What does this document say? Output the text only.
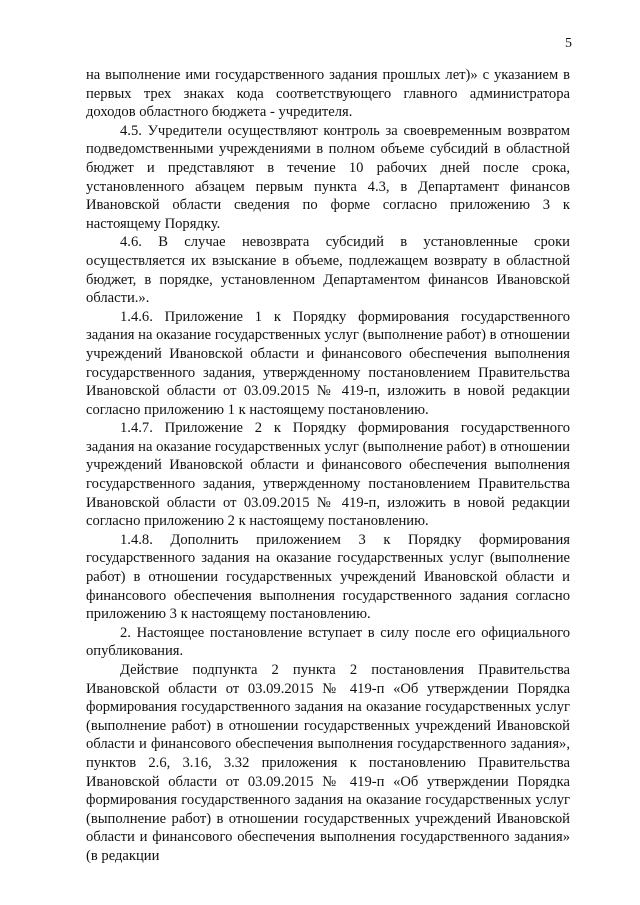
5

на выполнение ими государственного задания прошлых лет)» с указанием в первых трех знаках кода соответствующего главного администратора доходов областного бюджета - учредителя.

4.5. Учредители осуществляют контроль за своевременным возвратом подведомственными учреждениями в полном объеме субсидий в областной бюджет и представляют в течение 10 рабочих дней после срока, установленного абзацем первым пункта 4.3, в Департамент финансов Ивановской области сведения по форме согласно приложению 3 к настоящему Порядку.

4.6. В случае невозврата субсидий в установленные сроки осуществляется их взыскание в объеме, подлежащем возврату в областной бюджет, в порядке, установленном Департаментом финансов Ивановской области.».

1.4.6. Приложение 1 к Порядку формирования государственного задания на оказание государственных услуг (выполнение работ) в отношении учреждений Ивановской области и финансового обеспечения выполнения государственного задания, утвержденному постановлением Правительства Ивановской области от 03.09.2015 № 419-п, изложить в новой редакции согласно приложению 1 к настоящему постановлению.

1.4.7. Приложение 2 к Порядку формирования государственного задания на оказание государственных услуг (выполнение работ) в отношении учреждений Ивановской области и финансового обеспечения выполнения государственного задания, утвержденному постановлением Правительства Ивановской области от 03.09.2015 № 419-п, изложить в новой редакции согласно приложению 2 к настоящему постановлению.

1.4.8. Дополнить приложением 3 к Порядку формирования государственного задания на оказание государственных услуг (выполнение работ) в отношении государственных учреждений Ивановской области и финансового обеспечения выполнения государственного задания согласно приложению 3 к настоящему постановлению.

2. Настоящее постановление вступает в силу после его официального опубликования.

Действие подпункта 2 пункта 2 постановления Правительства Ивановской области от 03.09.2015 № 419-п «Об утверждении Порядка формирования государственного задания на оказание государственных услуг (выполнение работ) в отношении государственных учреждений Ивановской области и финансового обеспечения выполнения государственного задания», пунктов 2.6, 3.16, 3.32 приложения к постановлению Правительства Ивановской области от 03.09.2015 № 419-п «Об утверждении Порядка формирования государственного задания на оказание государственных услуг (выполнение работ) в отношении государственных учреждений Ивановской области и финансового обеспечения выполнения государственного задания» (в редакции
